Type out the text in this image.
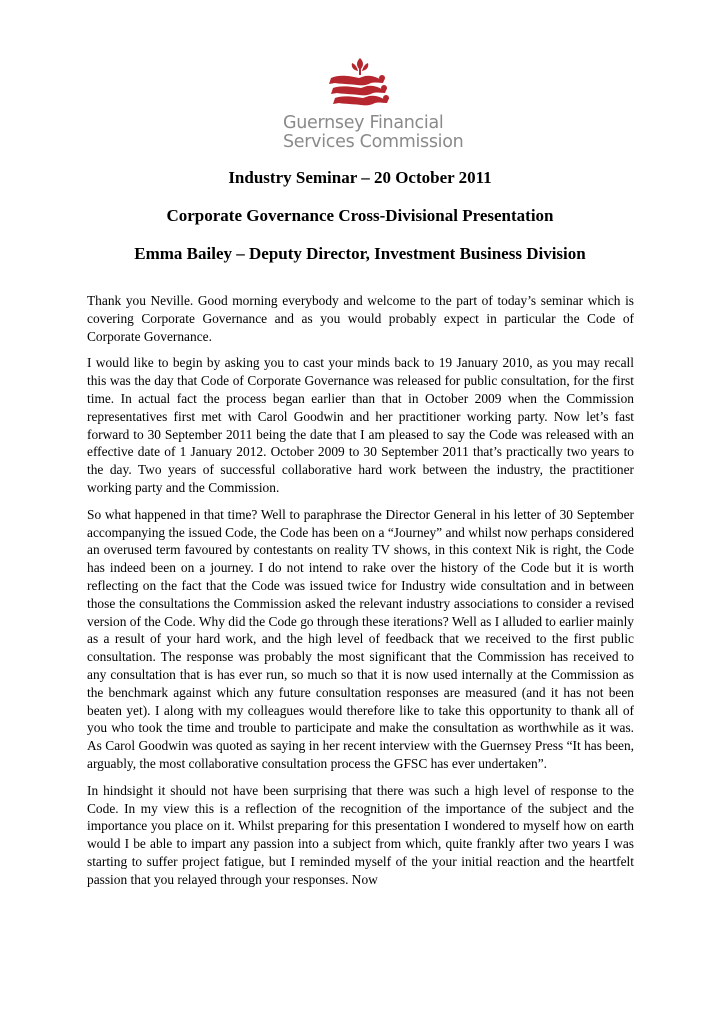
Guernsey Financial
Services Commission
Industry Seminar – 20 October 2011
Corporate Governance Cross-Divisional Presentation
Emma Bailey – Deputy Director, Investment Business Division

Thank you Neville. Good morning everybody and welcome to the part of today’s seminar which is covering Corporate Governance and as you would probably expect in particular the Code of Corporate Governance.

I would like to begin by asking you to cast your minds back to 19 January 2010, as you may recall this was the day that Code of Corporate Governance was released for public consultation, for the first time. In actual fact the process began earlier than that in October 2009 when the Commission representatives first met with Carol Goodwin and her practitioner working party. Now let’s fast forward to 30 September 2011 being the date that I am pleased to say the Code was released with an effective date of 1 January 2012. October 2009 to 30 September 2011 that’s practically two years to the day. Two years of successful collaborative hard work between the industry, the practitioner working party and the Commission.

So what happened in that time? Well to paraphrase the Director General in his letter of 30 September accompanying the issued Code, the Code has been on a “Journey” and whilst now perhaps considered an overused term favoured by contestants on reality TV shows, in this context Nik is right, the Code has indeed been on a journey. I do not intend to rake over the history of the Code but it is worth reflecting on the fact that the Code was issued twice for Industry wide consultation and in between those the consultations the Commission asked the relevant industry associations to consider a revised version of the Code. Why did the Code go through these iterations? Well as I alluded to earlier mainly as a result of your hard work, and the high level of feedback that we received to the first public consultation. The response was probably the most significant that the Commission has received to any consultation that is has ever run, so much so that it is now used internally at the Commission as the benchmark against which any future consultation responses are measured (and it has not been beaten yet). I along with my colleagues would therefore like to take this opportunity to thank all of you who took the time and trouble to participate and make the consultation as worthwhile as it was. As Carol Goodwin was quoted as saying in her recent interview with the Guernsey Press “It has been, arguably, the most collaborative consultation process the GFSC has ever undertaken”.

In hindsight it should not have been surprising that there was such a high level of response to the Code. In my view this is a reflection of the recognition of the importance of the subject and the importance you place on it. Whilst preparing for this presentation I wondered to myself how on earth would I be able to impart any passion into a subject from which, quite frankly after two years I was starting to suffer project fatigue, but I reminded myself of the your initial reaction and the heartfelt passion that you relayed through your responses. Now
